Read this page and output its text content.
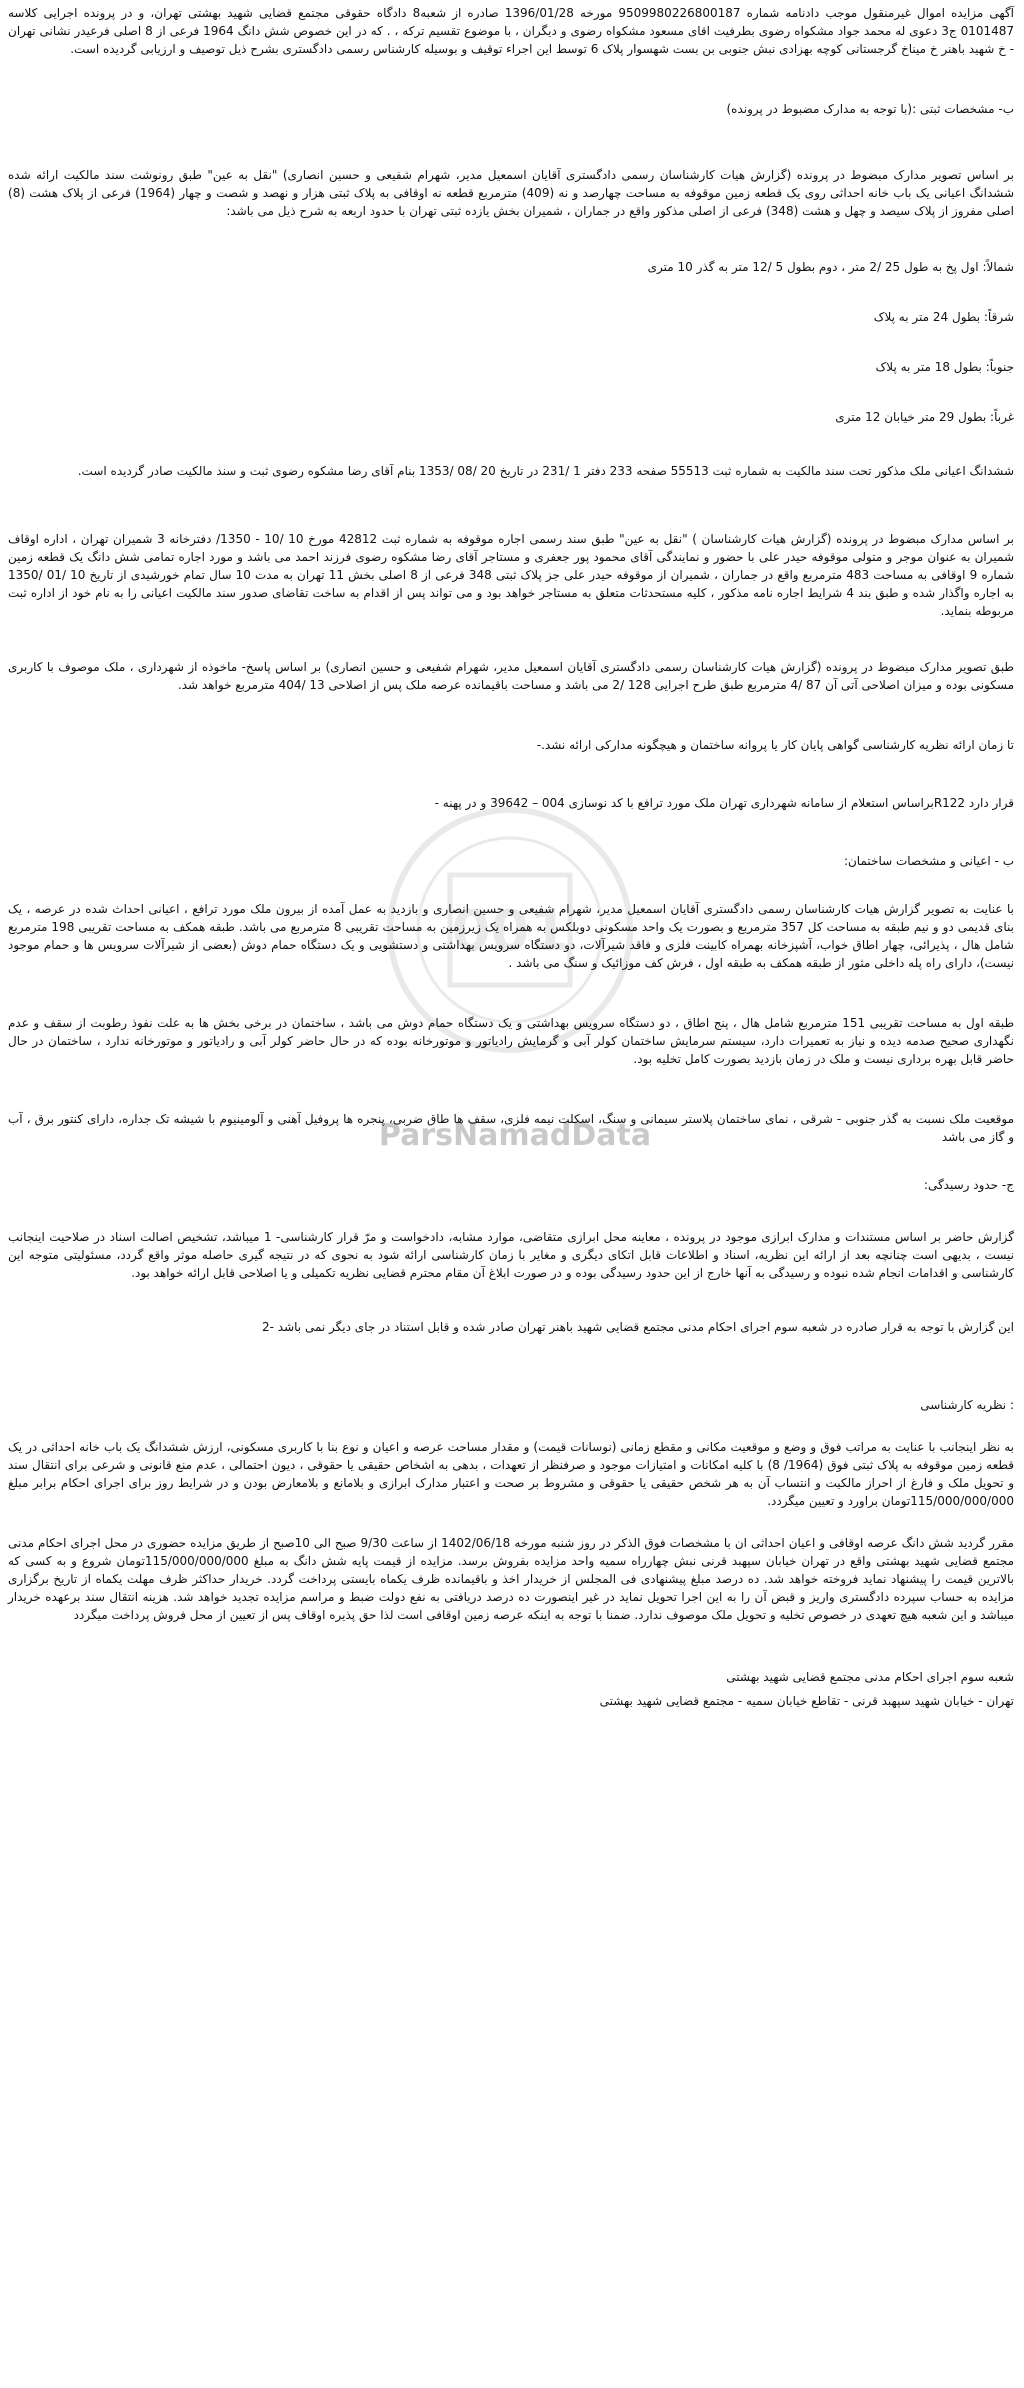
001
ParsNamadData

آگهی مزایده اموال غیرمنقول موجب دادنامه شماره 9509980226800187 مورخه 1396/01/28 صادره از شعبه8 دادگاه حقوقی مجتمع قضایی شهید بهشتی تهران، و در پرونده اجرایی کلاسه 0101487 ج3 دعوی له محمد جواد مشکواه رضوی بطرفیت اقای مسعود مشکواه رضوی و دیگران ، با موضوع تقسیم ترکه ، . که در این خصوص شش دانگ 1964 فرعی از 8 اصلی فرعیدر نشانی تهران - خ شهید باهنر خ میناخ گرجستانی کوچه بهزادی نبش جنوبی بن بست شهسوار پلاک 6 توسط این اجراء توقیف و بوسیله کارشناس رسمی دادگستری بشرح ذیل توصیف و ارزیابی گردیده است.

ب- مشخصات ثبتی :(با توجه به مدارک مضبوط در پرونده)

بر اساس تصویر مدارک مبضوط در پرونده (گزارش هیات کارشناسان رسمی دادگستری آقایان اسمعیل مدیر، شهرام شفیعی و حسین انصاری) "نقل به عین" طبق رونوشت سند مالکیت ارائه شده ششدانگ اعیانی یک باب خانه احداثی روی یک قطعه زمین موقوفه به مساحت چهارصد و نه (409) مترمربع قطعه نه اوقافی به پلاک ثبتی هزار و نهصد و شصت و چهار (1964) فرعی از پلاک هشت (8) اصلی مفروز از پلاک سیصد و چهل و هشت (348) فرعی از اصلی مذکور واقع در جماران ، شمیران بخش یازده ثبتی تهران با حدود اربعه به شرح ذیل می باشد:

شمالاً: اول پخ به طول 25 /2 متر ، دوم بطول 5 /12 متر به گذر 10 متری

شرقاً: بطول 24 متر به پلاک

جنوباً: بطول 18 متر به پلاک

غرباً: بطول 29 متر خیابان 12 متری

ششدانگ اعیانی ملک مذکور تحت سند مالکیت به شماره ثبت 55513 صفحه 233 دفتر 1 /231 در تاریخ 20 /08 /1353 بنام آقای رضا مشکوه رضوی ثبت و سند مالکیت صادر گردیده است.

بر اساس مدارک مبضوط در پرونده (گزارش هیات کارشناسان ) "نقل به عین" طبق سند رسمی اجاره موقوفه به شماره ثبت 42812 مورخ 10 /10 - 1350/ دفترخانه 3 شمیران تهران ، اداره اوقاف شمیران به عنوان موجر و متولی موقوفه حیدر علی با حضور و نمایندگی آقای محمود پور جعفری و مستاجر آقای رضا مشکوه رضوی فرزند احمد می باشد و مورد اجاره تمامی شش دانگ یک قطعه زمین شماره 9 اوقافی به مساحت 483 مترمربع واقع در جماران ، شمیران از موقوفه حیدر علی جز پلاک ثبتی 348 فرعی از 8 اصلی بخش 11 تهران به مدت 10 سال تمام خورشیدی از تاریخ 10 /01 /1350 به اجاره واگذار شده و طبق بند 4 شرایط اجاره نامه مذکور ، کلیه مستحدثات متعلق به مستاجر خواهد بود و می تواند پس از اقدام به ساخت تقاضای صدور سند مالکیت اعیانی را به نام خود از اداره ثبت مربوطه بنماید.

طبق تصویر مدارک مبضوط در پرونده (گزارش هیات کارشناسان رسمی دادگستری آقایان اسمعیل مدیر، شهرام شفیعی و حسین انصاری) بر اساس پاسخ- ماخوذه از شهرداری ، ملک موصوف با کاربری مسکونی بوده و میزان اصلاحی آتی آن 87 /4 مترمربع طبق طرح اجرایی 128 /2 می باشد و مساحت باقیمانده عرصه ملک پس از اصلاحی 13 /404 مترمربع خواهد شد.

تا زمان ارائه نظریه کارشناسی گواهی پایان کار یا پروانه ساختمان و هیچگونه مدارکی ارائه نشد.-

قرار دارد R122براساس استعلام از سامانه شهرداری تهران ملک مورد ترافع با کد نوسازی 004 – 39642 و در پهنه -

ب - اعیانی و مشخصات ساختمان:

با عنایت به تصویر گزارش هیات کارشناسان رسمی دادگستری آقایان اسمعیل مدیر، شهرام شفیعی و حسین انصاری و بازدید به عمل آمده از بیرون ملک مورد ترافع ، اعیانی احداث شده در عرصه ، یک بنای قدیمی دو و نیم طبقه به مساحت کل 357 مترمربع و بصورت یک واحد مسکونی دوبلکس به همراه یک زیرزمین به مساحت تقریبی 8 مترمربع می باشد. طبقه همکف به مساحت تقریبی 198 مترمربع شامل هال ، پذیرائی، چهار اطاق خواب، آشپزخانه بهمراه کابینت فلزی و فاقد شیرآلات، دو دستگاه سرویس بهداشتی و دستشویی و یک دستگاه حمام دوش (بعضی از شیرآلات سرویس ها و حمام موجود نیست)، دارای راه پله داخلی مثور از طبقه همکف به طبقه اول ، فرش کف موزائیک و سنگ می باشد .

طبقه اول به مساحت تقریبی 151 مترمربع شامل هال ، پنج اطاق ، دو دستگاه سرویس بهداشتی و یک دستگاه حمام دوش می باشد ، ساختمان در برخی بخش ها به علت نفوذ رطوبت از سقف و عدم نگهداری صحیح صدمه دیده و نیاز به تعمیرات دارد، سیستم سرمایش ساختمان کولر آبی و گرمایش رادیاتور و موتورخانه بوده که در حال حاضر کولر آبی و رادیاتور و موتورخانه ندارد ، ساختمان در حال حاضر قابل بهره برداری نیست و ملک در زمان بازدید بصورت کامل تخلیه بود.

موقعیت ملک نسبت به گذر جنوبی - شرقی ، نمای ساختمان پلاستر سیمانی و سنگ، اسکلت نیمه فلزی، سقف ها طاق ضربی، پنجره ها پروفیل آهنی و آلومینیوم با شیشه تک جداره، دارای کنتور برق ، آب و گاز می باشد

ج- حدود رسیدگی:

گزارش حاضر بر اساس مستندات و مدارک ابرازی موجود در پرونده ، معاینه محل ابرازی متقاضی، موارد مشابه، دادخواست و مرّ قرار کارشناسی- 1 میباشد، تشخیص اصالت اسناد در صلاحیت اینجانب نیست ، بدیهی است چنانچه بعد از ارائه این نظریه، اسناد و اطلاعات قابل اتکای دیگری و مغایر با زمان کارشناسی ارائه شود به نحوی که در نتیجه گیری حاصله موثر واقع گردد، مسئولیتی متوجه این کارشناسی و اقدامات انجام شده نبوده و رسیدگی به آنها خارج از این حدود رسیدگی بوده و در صورت ابلاغ آن مقام محترم قضایی نظریه تکمیلی و یا اصلاحی قابل ارائه خواهد بود.

این گزارش با توجه به قرار صادره در شعبه سوم اجرای احکام مدنی مجتمع قضایی شهید باهنر تهران صادر شده و قابل استناد در جای دیگر نمی باشد -2

: نظریه کارشناسی

به نظر اینجانب با عنایت به مراتب فوق و وضع و موقعیت مکانی و مقطع زمانی (نوسانات قیمت) و مقدار مساحت عرصه و اعیان و نوع بنا با کاربری مسکونی، ارزش ششدانگ یک باب خانه احداثی در یک قطعه زمین موقوفه به پلاک ثبتی فوق (1964/ 8) با کلیه امکانات و امتیازات موجود و صرفنظر از تعهدات ، بدهی به اشخاص حقیقی یا حقوقی ، دیون احتمالی ، عدم منع قانونی و شرعی برای انتقال سند و تحویل ملک و فارغ از احراز مالکیت و انتساب آن به هر شخص حقیقی یا حقوقی و مشروط بر صحت و اعتبار مدارک ابرازی و بلامانع و بلامعارض بودن و در شرایط روز برای اجرای احکام برابر مبلغ 115/000/000/000تومان براورد و تعیین میگردد.

مقرر گردید شش دانگ عرصه اوقافی و اعیان احداثی ان با مشخصات فوق الذکر در روز شنبه مورخه 1402/06/18 از ساعت 9/30 صبح الی 10صبح از طریق مزایده حضوری در محل اجرای احکام مدنی مجتمع قضایی شهید بهشتی واقع در تهران خیابان سپهبد قرنی نبش چهارراه سمیه واحد مزایده بفروش برسد. مزایده از قیمت پایه شش دانگ به مبلغ 115/000/000/000تومان شروع و به کسی که بالاترین قیمت را پیشنهاد نماید فروخته خواهد شد. ده درصد مبلغ پیشنهادی فی المجلس از خریدار اخذ و باقیمانده ظرف یکماه بایستی پرداخت گردد. خریدار حداکثر ظرف مهلت یکماه از تاریخ برگزاری مزایده به حساب سپرده دادگستری واریز و قبض آن را به این اجرا تحویل نماید در غیر اینصورت ده درصد دریافتی به نفع دولت ضبط و مراسم مزایده تجدید خواهد شد. هزینه انتقال سند برعهده خریدار میباشد و این شعبه هیچ تعهدی در خصوص تخلیه و تحویل ملک موصوف ندارد. ضمنا با توجه به اینکه عرصه زمین اوقافی است لذا حق پذیره اوقاف پس از تعیین از محل فروش پرداخت میگردد

شعبه سوم اجرای احکام مدنی مجتمع قضایی شهید بهشتی

تهران - خیابان شهید سپهبد قرنی - تقاطع خیابان سمیه - مجتمع قضایی شهید بهشتی
